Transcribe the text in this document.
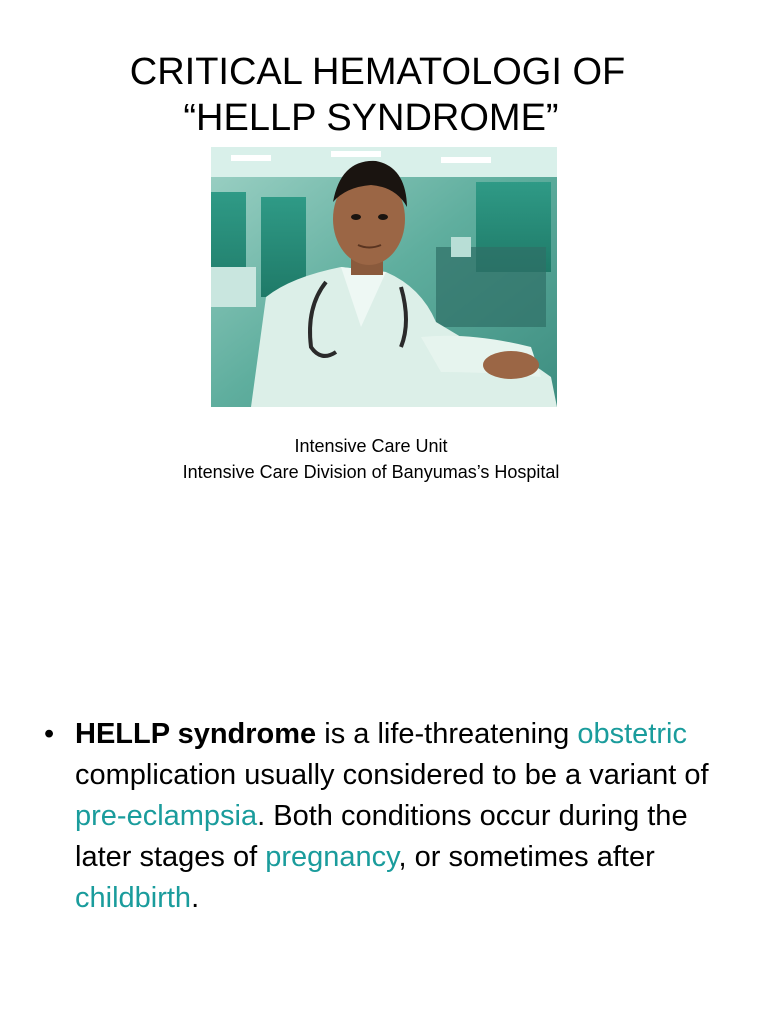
CRITICAL HEMATOLOGI OF
“HELLP SYNDROME”
Intensive Care Unit
Intensive Care Division of Banyumas’s Hospital
• HELLP syndrome is a life-threatening obstetric complication usually considered to be a variant of pre-eclampsia. Both conditions occur during the later stages of pregnancy, or sometimes after childbirth.
